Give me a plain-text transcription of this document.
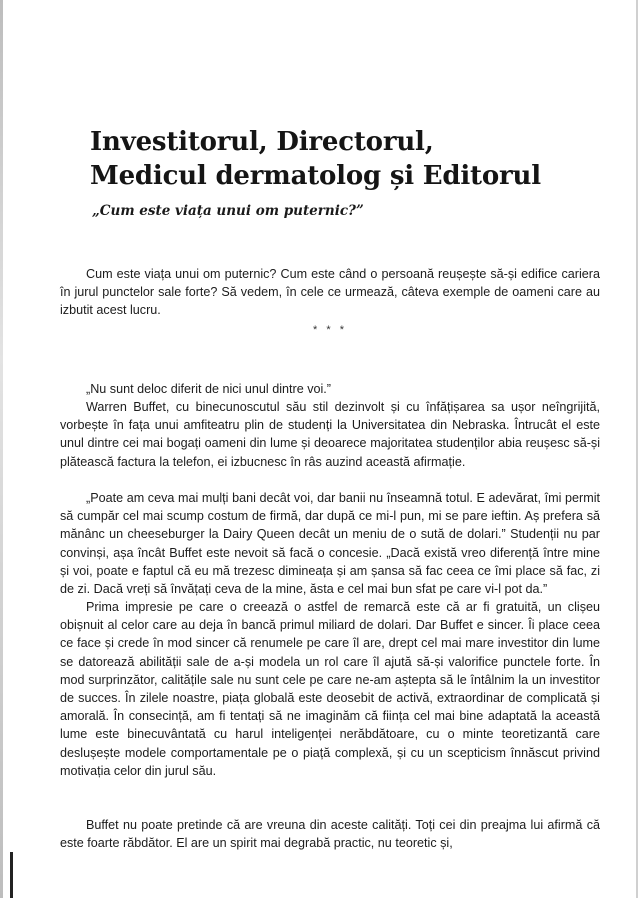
Investitorul, Directorul,
Medicul dermatolog și Editorul
„Cum este viața unui om puternic?”
Cum este viața unui om puternic? Cum este când o persoană reușește să-și edifice cariera în jurul punctelor sale forte? Să vedem, în cele ce urmează, câteva exemple de oameni care au izbutit acest lucru.
* * *
„Nu sunt deloc diferit de nici unul dintre voi.”
Warren Buffet, cu binecunoscutul său stil dezinvolt și cu înfățișarea sa ușor neîngrijită, vorbește în fața unui amfiteatru plin de studenți la Universitatea din Nebraska. Întrucât el este unul dintre cei mai bogați oameni din lume și deoarece majoritatea studenților abia reușesc să-și plătească factura la telefon, ei izbucnesc în râs auzind această afirmație.
„Poate am ceva mai mulți bani decât voi, dar banii nu înseamnă totul. E adevărat, îmi permit să cumpăr cel mai scump costum de firmă, dar după ce mi-l pun, mi se pare ieftin. Aș prefera să mănânc un cheeseburger la Dairy Queen decât un meniu de o sută de dolari.” Studenții nu par convinși, așa încât Buffet este nevoit să facă o concesie. „Dacă există vreo diferență între mine și voi, poate e faptul că eu mă trezesc dimineața și am șansa să fac ceea ce îmi place să fac, zi de zi. Dacă vreți să învățați ceva de la mine, ăsta e cel mai bun sfat pe care vi-l pot da.”
Prima impresie pe care o creează o astfel de remarcă este că ar fi gratuită, un clișeu obișnuit al celor care au deja în bancă primul miliard de dolari. Dar Buffet e sincer. Îi place ceea ce face și crede în mod sincer că renumele pe care îl are, drept cel mai mare investitor din lume se datorează abilității sale de a-și modela un rol care îl ajută să-și valorifice punctele forte. În mod surprinzător, calitățile sale nu sunt cele pe care ne-am aștepta să le întâlnim la un investitor de succes. În zilele noastre, piața globală este deosebit de activă, extraordinar de complicată și amorală. În consecință, am fi tentați să ne imaginăm că ființa cel mai bine adaptată la această lume este binecuvântată cu harul inteligenței nerăbdătoare, cu o minte teoretizantă care deslușește modele comportamentale pe o piață complexă, și cu un scepticism înnăscut privind motivația celor din jurul său.
Buffet nu poate pretinde că are vreuna din aceste calități. Toți cei din preajma lui afirmă că este foarte răbdător. El are un spirit mai degrabă practic, nu teoretic și,
